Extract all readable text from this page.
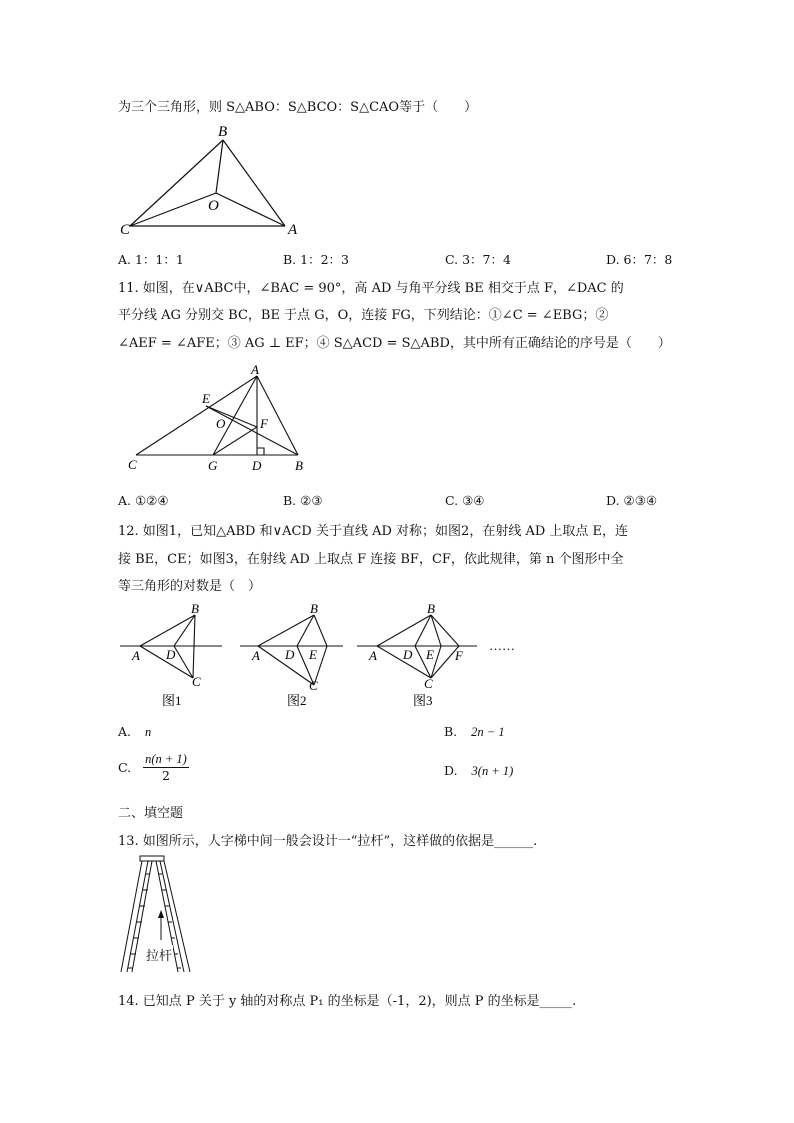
为三个三角形，则 S△ABO：S△BCO：S△CAO等于（　　）
B
C	A
O
A. 1：1：1	B. 1：2：3	C. 3：7：4	D. 6：7：8
11. 如图，在∨ABC中，∠BAC = 90°，高 AD 与角平分线 BE 相交于点 F，∠DAC 的
平分线 AG 分别交 BC，BE 于点 G，O，连接 FG，下列结论：①∠C = ∠EBG；②
∠AEF = ∠AFE；③ AG ⊥ EF；④ S△ACD = S△ABD，其中所有正确结论的序号是（　　）
A
E
O	F
C	G	D	B
A. ①②④	B. ②③	C. ③④	D. ②③④
12. 如图1，已知△ABD 和∨ACD 关于直线 AD 对称；如图2，在射线 AD 上取点 E，连
接 BE，CE；如图3，在射线 AD 上取点 F 连接 BF，CF，依此规律，第 n 个图形中全
等三角形的对数是（　）
B
A D
C
B
A D E
C
B
A D E F
C
图1	图2	图3
……
A. n	B. 2n − 1
C. $\frac{n(n + 1)}{2}$	D. 3(n + 1)
二、填空题
13. 如图所示，人字梯中间一般会设计一“拉杆”，这样做的依据是______.
拉杆
14. 已知点 P 关于 y 轴的对称点 P₁ 的坐标是（-1，2)，则点 P 的坐标是_____.
